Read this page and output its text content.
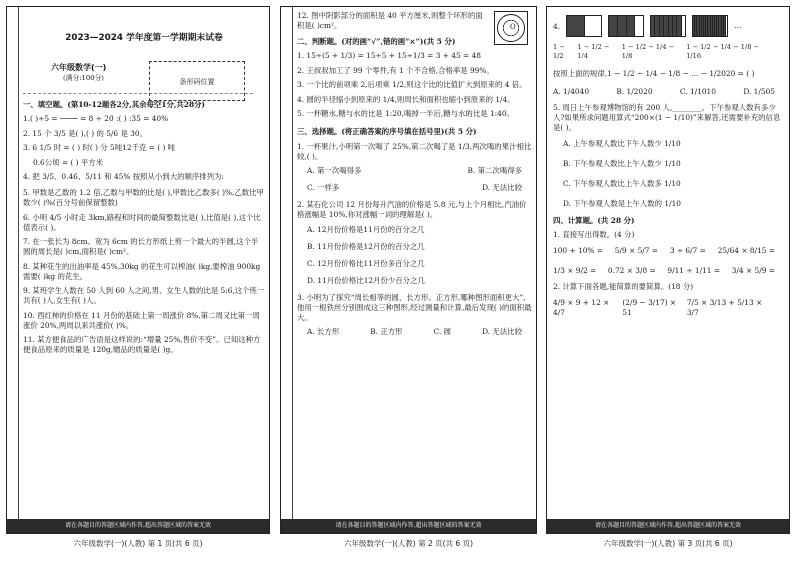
2023—2024 学年度第一学期期末试卷
六年级数学(一)
(满分:100分)
一、填空题。(第10-12题各2分,其余每空1分,共28分)
1.( )÷5 = ──── = 8 ÷ 20 :( ) :35 = 40%
2. 15 个 3/5 是( ),( ) 的 5/6 是 30。
3. 6 1/5 时 = ( ) 时( ) 分 5吨12千克 = ( ) 吨
0.6公顷 = ( ) 平方米
4. 把 3/5、0.46、5/11 和 45% 按照从小到大的顺序排列为:
5. 甲数是乙数的 1.2 倍,乙数与甲数的比是( ),甲数比乙数多( )%,乙数比甲数少( )%(百分号前保留整数)
6. 小明 4/5 小时走 3km,路程和时间的最简整数比是( ),比值是( ),这个比值表示( )。
7. 在一张长为 8cm、宽为 6cm 的长方形纸上剪一个最大的半圆,这个半圆的周长是( )cm,面积是( )cm²。
8. 某种花生的出油率是 45%,30kg 的花生可以榨油( )kg,要榨油 900kg 需要( )kg 的花生。
9. 某班学生人数在 50 人到 60 人之间,男、女生人数的比是 5:6,这个班一共有( )人,女生有( )人。
10. 西红柿的价格在 11 月份的基础上第一周涨价 8%,第二周又比第一周涨价 20%,两周以来共涨价( )%。
11. 某方便食品的广告语是这样说的:“增量 25%,售价不变”。已知这种方便食品原来的质量是 120g,赠品的质量是( )g。
条形码位置
请在各题目的答题区域内作答,超出答题区域的答案无效
六年级数学(一)(人教) 第 1 页(共 6 页)
12. 图中阴影部分的面积是 40 平方厘米,则整个环形的面积是( )cm²。
二、判断题。(对的画“√”,错的画“×”)(共 5 分)
1. 15÷(5 + 1/3) = 15÷5 + 15÷1/3 = 3 + 45 = 48
2. 王叔叔加工了 99 个零件,有 1 个不合格,合格率是 99%。
3. 一个比的前项乘 2,后项乘 1/2,则这个比的比值扩大到原来的 4 倍。
4. 圆的半径缩小到原来的 1/4,则周长和面积也缩小到原来的 1/4。
5. 一杯糖水,糖与水的比是 1:20,喝掉一半后,糖与水的比是 1:40。
三、选择题。(将正确答案的序号填在括号里)(共 5 分)
1. 一杯果汁,小明第一次喝了 25%,第二次喝了是 1/3,两次喝的果汁相比较,( )。
A. 第一次喝得多	B. 第二次喝得多
C. 一样多	D. 无法比较
2. 某石化公司 12 月份每升汽油的价格是 5.8 元,与上个月相比,汽油价格涨幅是 10%,你对涨幅一词的理解是( )。
A. 12月份价格是11月份的百分之几
B. 11月份价格是12月份的百分之几
C. 12月份价格比11月份多百分之几
D. 11月份价格比12月份少百分之几
3. 小明为了探究“周长相等的圆、长方形、正方形,哪种图形面积更大”,他用一根铁丝分别围成这三种图形,经过测量和计算,最后发现( )的面积最大。
A. 长方形	B. 正方形	C. 圆	D. 无法比较
O
请在各题目的答题区域内作答,超出答题区域的答案无效
六年级数学(一)(人教) 第 2 页(共 6 页)
4.	…
1 − 1/2
1 − 1/2 − 1/4
1 − 1/2 − 1/4 − 1/8
1 − 1/2 − 1/4 − 1/8 − 1/16
按照上面的规律,1 − 1/2 − 1/4 − 1/8 − … − 1/2020 = ( )
A. 1/4040	B. 1/2020	C. 1/1010	D. 1/505
5. 周日上午参观博物馆的有 200 人,________。下午参观人数有多少人?如果所求问题用算式“200×(1 − 1/10)”来解答,还需要补充的信息是( )。
A. 上午参观人数比下午人数少 1/10
B. 下午参观人数比上午人数少 1/10
C. 下午参观人数比上午人数多 1/10
D. 下午参观人数是上午人数的 1/10
四、计算题。(共 28 分)
1. 直接写出得数。(4 分)
100 + 10% = 5/9 × 5/7 = 3 ÷ 6/7 = 25/64 × 8/15 =
1/3 × 9/2 = 0.72 × 3/8 = 9/11 ÷ 1/11 = 3/4 × 5/9 =
2. 计算下面各题,能简算的要简算。(18 分)
4/9 × 9 + 12 × 4/7
(2/9 − 3/17) × 51
7/5 × 3/13 + 5/13 × 3/7
请在各题目的答题区域内作答,超出答题区域的答案无效
六年级数学(一)(人教) 第 3 页(共 6 页)
